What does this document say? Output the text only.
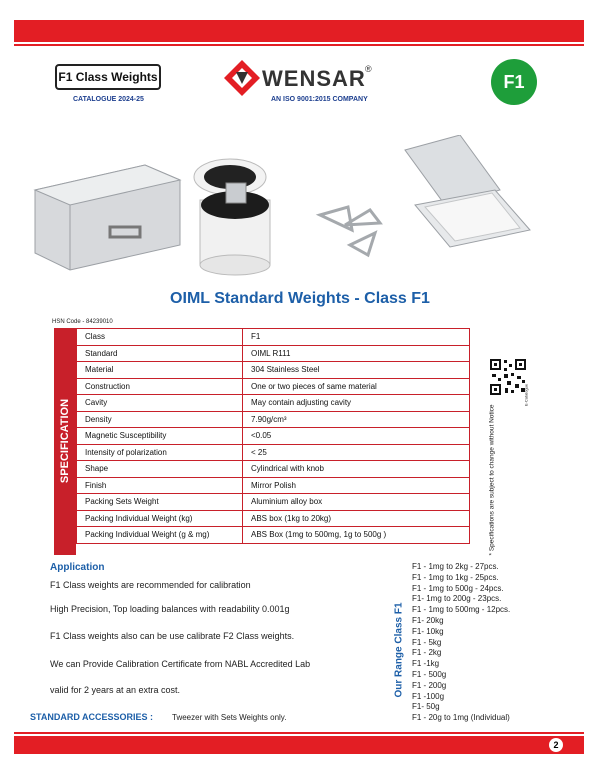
F1 Class Weights
CATALOGUE 2024-25
WENSAR ®
AN ISO 9001:2015 COMPANY
F1
OIML Standard Weights - Class F1
HSN Code - 84239010
SPECIFICATION
Class	F1
Standard	OIML R111
Material	304 Stainless Steel
Construction	One or two pieces of same material
Cavity	May contain adjusting cavity
Density	7.90g/cm³
Magnetic Susceptibility	<0.05
Intensity of polarization	< 25
Shape	Cylindrical with knob
Finish	Mirror Polish
Packing Sets Weight	Aluminium alloy box
Packing Individual Weight (kg)	ABS box (1kg to 20kg)
Packing Individual Weight (g & mg)	ABS Box (1mg to 500mg, 1g to 500g )
E-Catalogue
* Specifications are subject to change without Notice
Application
F1 Class weights are recommended for calibration
High Precision, Top loading balances with readability 0.001g
F1 Class weights also can be use calibrate F2 Class weights.
We can Provide Calibration Certificate from NABL Accredited Lab
valid for 2 years at an extra cost.
STANDARD ACCESSORIES : Tweezer with Sets Weights only.
Our Range Class F1
F1 - 1mg to 2kg - 27pcs.
F1 - 1mg to 1kg - 25pcs.
F1 - 1mg to 500g - 24pcs.
F1- 1mg to 200g - 23pcs.
F1 - 1mg to 500mg - 12pcs.
F1- 20kg
F1- 10kg
F1 - 5kg
F1 - 2kg
F1 -1kg
F1 - 500g
F1 - 200g
F1 -100g
F1- 50g
F1 - 20g to 1mg (Individual)
2
